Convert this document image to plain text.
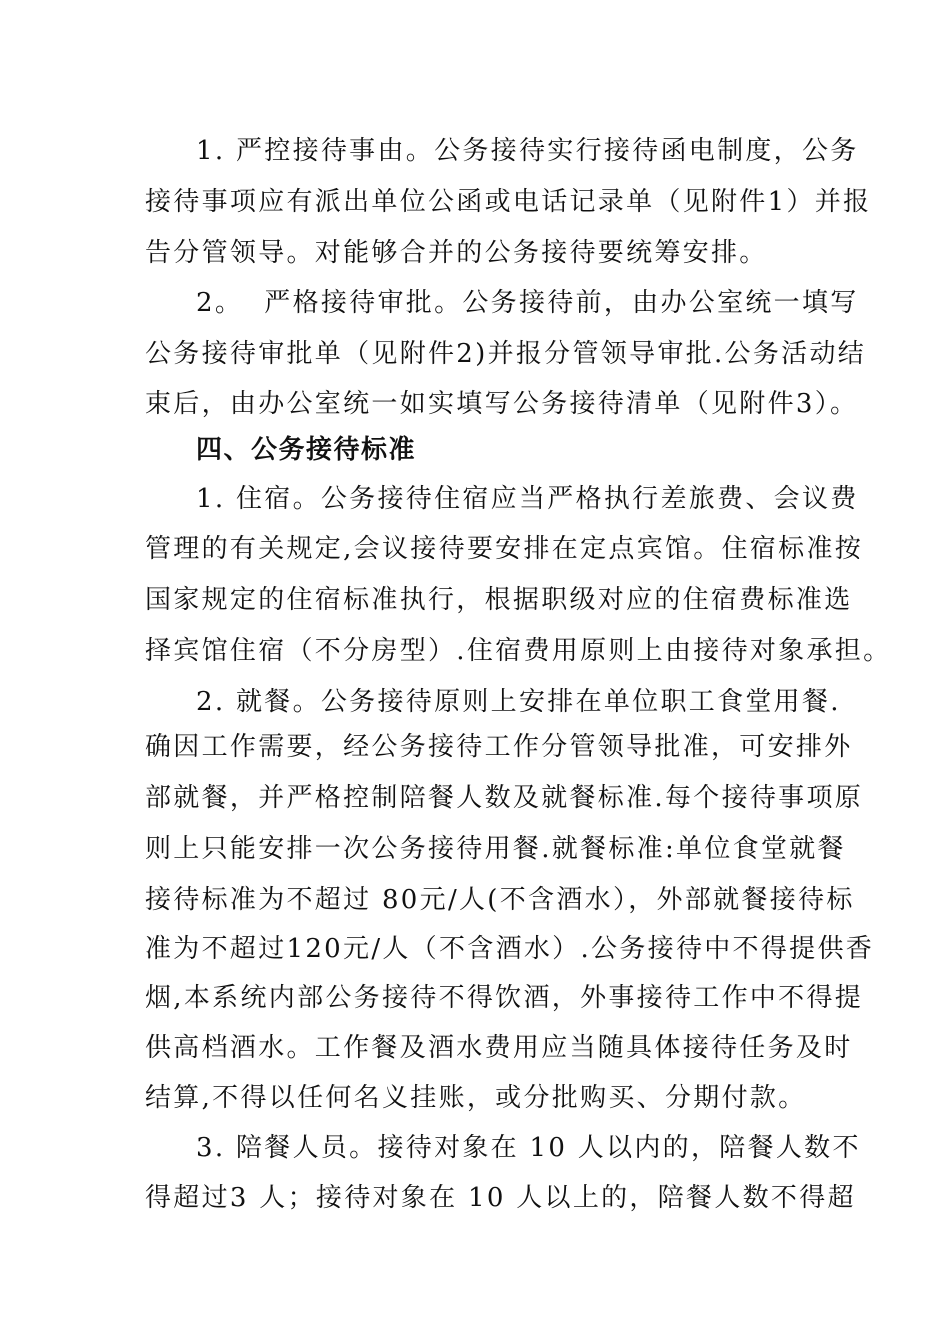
1. 严控接待事由。公务接待实行接待函电制度，公务
接待事项应有派出单位公函或电话记录单（见附件1）并报
告分管领导。对能够合并的公务接待要统筹安排。
2。  严格接待审批。公务接待前，由办公室统一填写
公务接待审批单（见附件2)并报分管领导审批.公务活动结
束后，由办公室统一如实填写公务接待清单（见附件3）。
四、公务接待标准
1. 住宿。公务接待住宿应当严格执行差旅费、会议费
管理的有关规定,会议接待要安排在定点宾馆。住宿标准按
国家规定的住宿标准执行，根据职级对应的住宿费标准选
择宾馆住宿（不分房型）.住宿费用原则上由接待对象承担。
2. 就餐。公务接待原则上安排在单位职工食堂用餐.
确因工作需要，经公务接待工作分管领导批准，可安排外
部就餐，并严格控制陪餐人数及就餐标准.每个接待事项原
则上只能安排一次公务接待用餐.就餐标准:单位食堂就餐
接待标准为不超过 80元/人(不含酒水），外部就餐接待标
准为不超过120元/人（不含酒水）.公务接待中不得提供香
烟,本系统内部公务接待不得饮酒，外事接待工作中不得提
供高档酒水。工作餐及酒水费用应当随具体接待任务及时
结算,不得以任何名义挂账，或分批购买、分期付款。
3. 陪餐人员。接待对象在 10 人以内的，陪餐人数不
得超过3 人；接待对象在 10 人以上的，陪餐人数不得超
